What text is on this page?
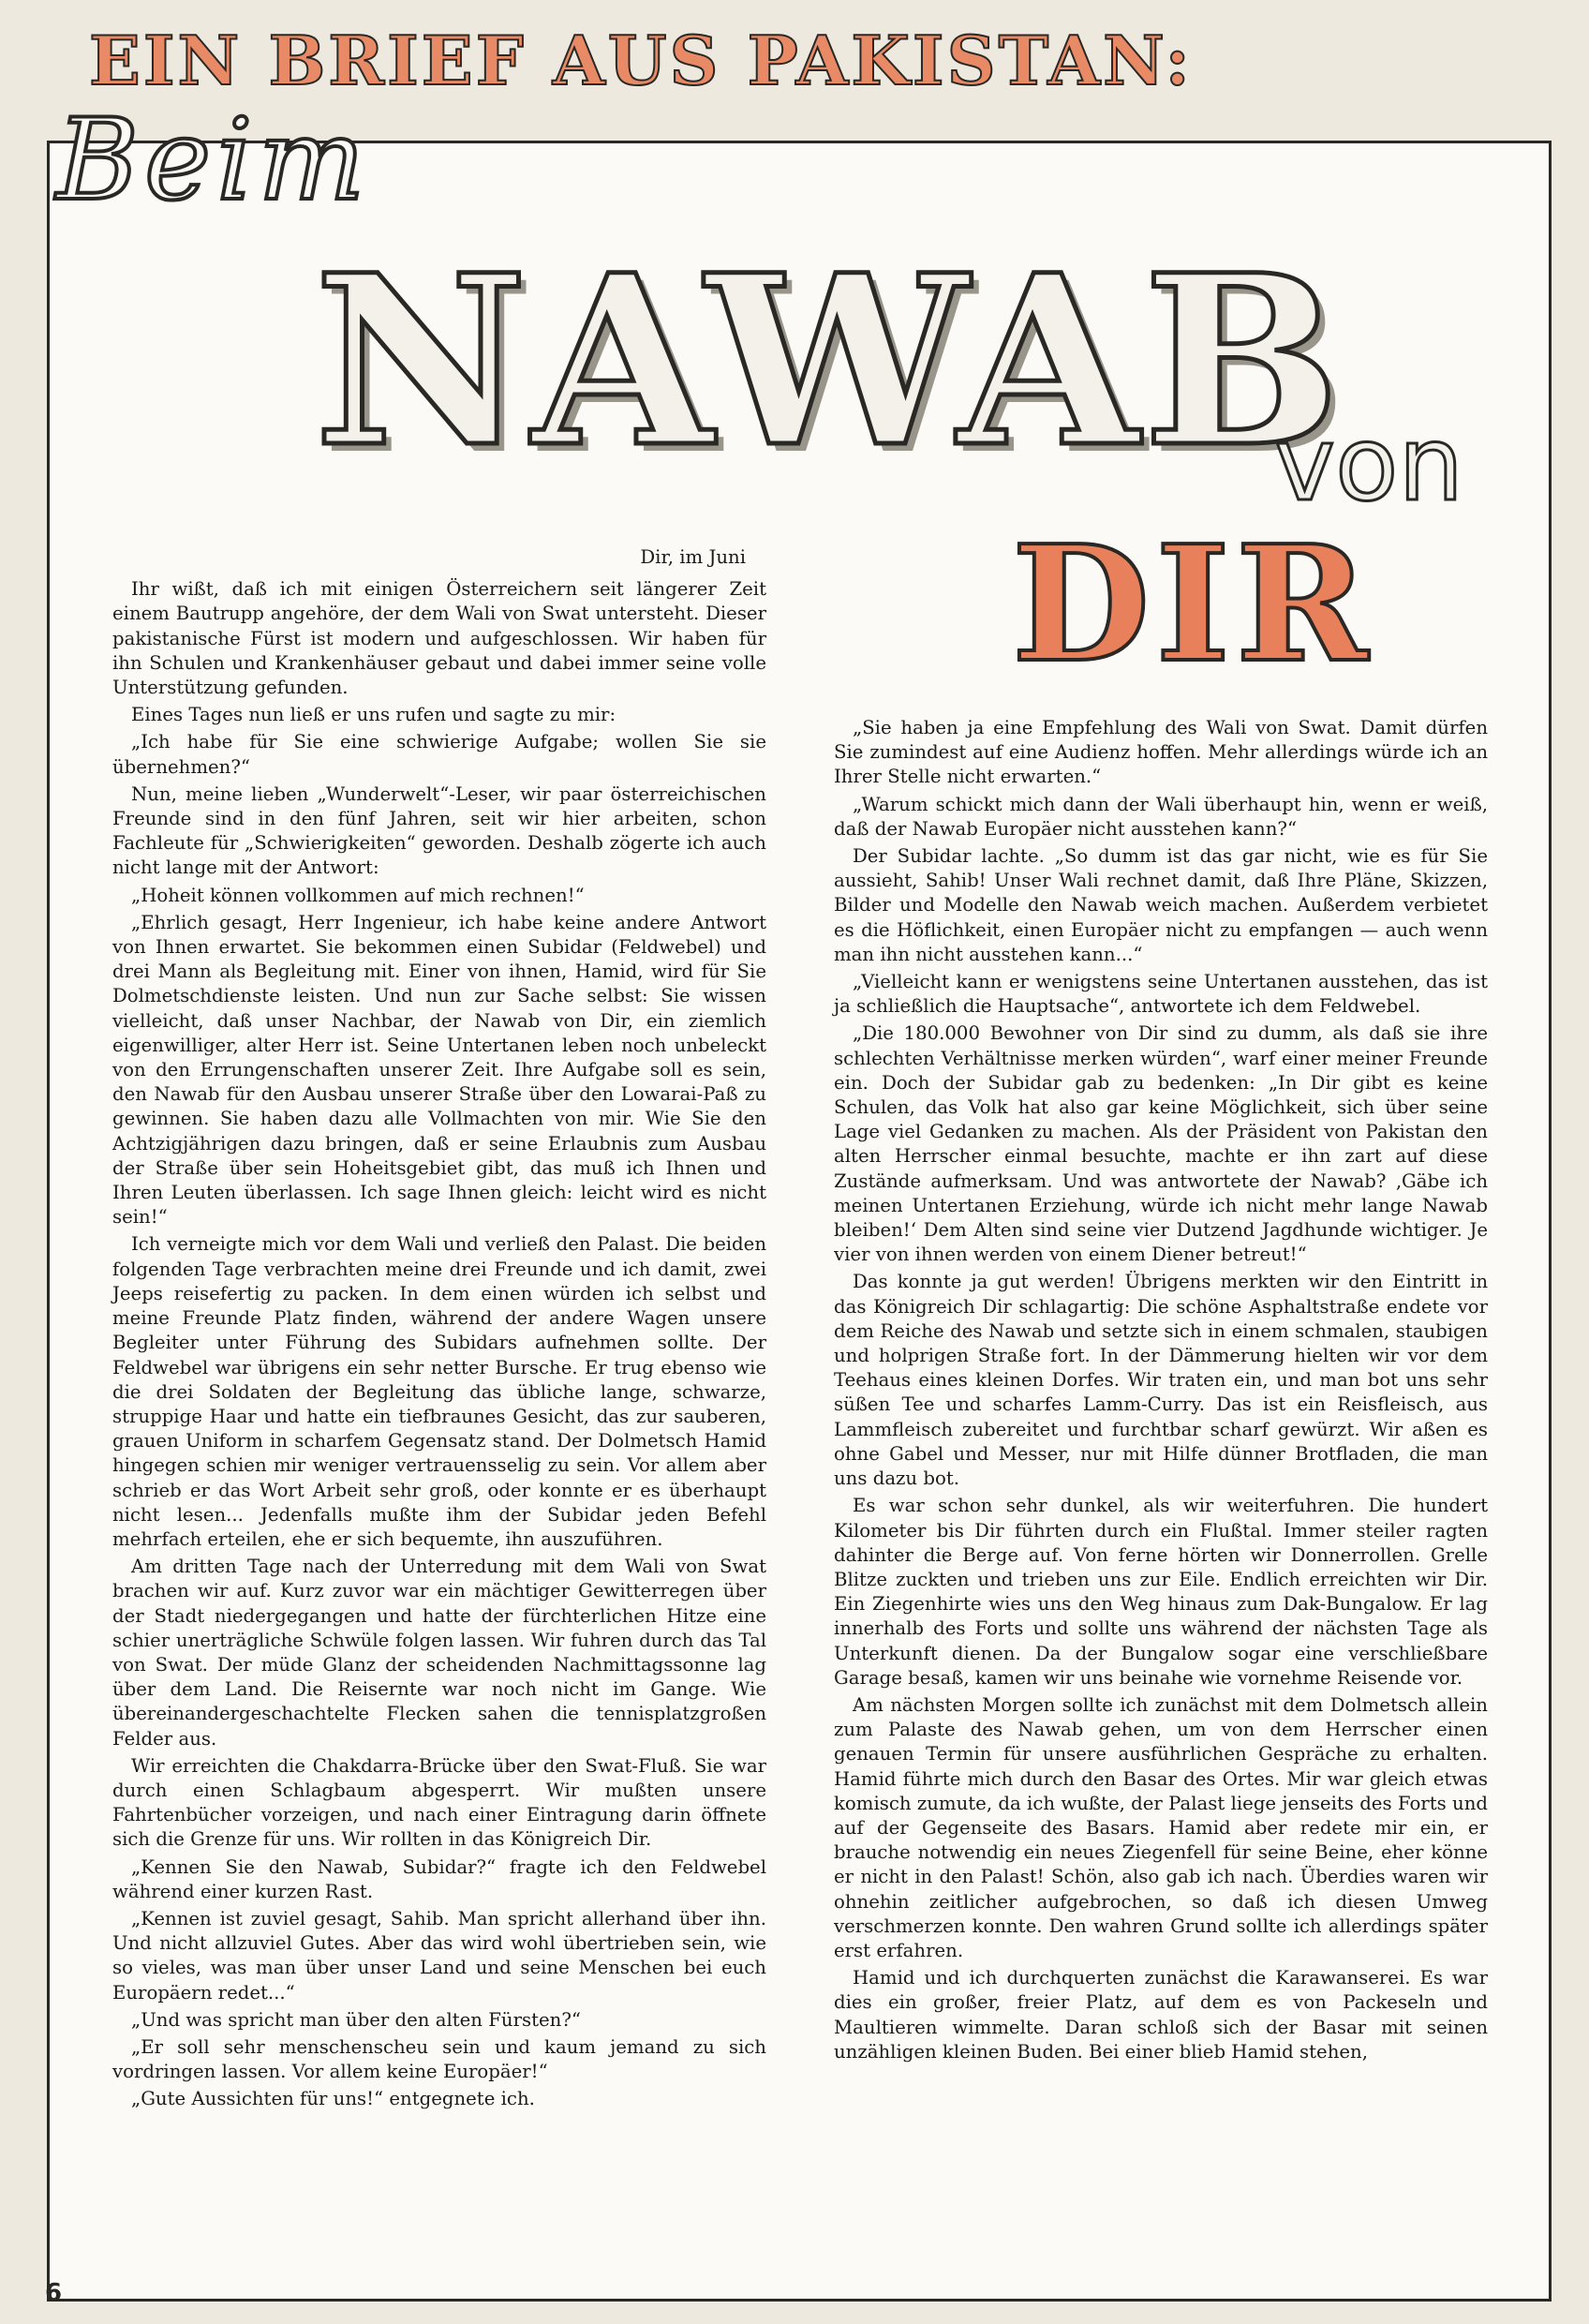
EIN BRIEF AUS PAKISTAN:
Beim
NAWAB
von
DIR
Dir, im Juni

Ihr wißt, daß ich mit einigen Österreichern seit längerer Zeit einem Bautrupp angehöre, der dem Wali von Swat untersteht. Dieser pakistanische Fürst ist modern und aufgeschlossen. Wir haben für ihn Schulen und Krankenhäuser gebaut und dabei immer seine volle Unterstützung gefunden.

Eines Tages nun ließ er uns rufen und sagte zu mir:

„Ich habe für Sie eine schwierige Aufgabe; wollen Sie sie übernehmen?“

Nun, meine lieben „Wunderwelt“-Leser, wir paar österreichischen Freunde sind in den fünf Jahren, seit wir hier arbeiten, schon Fachleute für „Schwierigkeiten“ geworden. Deshalb zögerte ich auch nicht lange mit der Antwort:

„Hoheit können vollkommen auf mich rechnen!“

„Ehrlich gesagt, Herr Ingenieur, ich habe keine andere Antwort von Ihnen erwartet. Sie bekommen einen Subidar (Feldwebel) und drei Mann als Begleitung mit. Einer von ihnen, Hamid, wird für Sie Dolmetschdienste leisten. Und nun zur Sache selbst: Sie wissen vielleicht, daß unser Nachbar, der Nawab von Dir, ein ziemlich eigenwilliger, alter Herr ist. Seine Untertanen leben noch unbeleckt von den Errungenschaften unserer Zeit. Ihre Aufgabe soll es sein, den Nawab für den Ausbau unserer Straße über den Lowarai-Paß zu gewinnen. Sie haben dazu alle Vollmachten von mir. Wie Sie den Achtzigjährigen dazu bringen, daß er seine Erlaubnis zum Ausbau der Straße über sein Hoheitsgebiet gibt, das muß ich Ihnen und Ihren Leuten überlassen. Ich sage Ihnen gleich: leicht wird es nicht sein!“

Ich verneigte mich vor dem Wali und verließ den Palast. Die beiden folgenden Tage verbrachten meine drei Freunde und ich damit, zwei Jeeps reisefertig zu packen. In dem einen würden ich selbst und meine Freunde Platz finden, während der andere Wagen unsere Begleiter unter Führung des Subidars aufnehmen sollte. Der Feldwebel war übrigens ein sehr netter Bursche. Er trug ebenso wie die drei Soldaten der Begleitung das übliche lange, schwarze, struppige Haar und hatte ein tiefbraunes Gesicht, das zur sauberen, grauen Uniform in scharfem Gegensatz stand. Der Dolmetsch Hamid hingegen schien mir weniger vertrauensselig zu sein. Vor allem aber schrieb er das Wort Arbeit sehr groß, oder konnte er es überhaupt nicht lesen... Jedenfalls mußte ihm der Subidar jeden Befehl mehrfach erteilen, ehe er sich bequemte, ihn auszuführen.

Am dritten Tage nach der Unterredung mit dem Wali von Swat brachen wir auf. Kurz zuvor war ein mächtiger Gewitterregen über der Stadt niedergegangen und hatte der fürchterlichen Hitze eine schier unerträgliche Schwüle folgen lassen. Wir fuhren durch das Tal von Swat. Der müde Glanz der scheidenden Nachmittagssonne lag über dem Land. Die Reisernte war noch nicht im Gange. Wie übereinandergeschachtelte Flecken sahen die tennisplatzgroßen Felder aus.

Wir erreichten die Chakdarra-Brücke über den Swat-Fluß. Sie war durch einen Schlagbaum abgesperrt. Wir mußten unsere Fahrtenbücher vorzeigen, und nach einer Eintragung darin öffnete sich die Grenze für uns. Wir rollten in das Königreich Dir.

„Kennen Sie den Nawab, Subidar?“ fragte ich den Feldwebel während einer kurzen Rast.

„Kennen ist zuviel gesagt, Sahib. Man spricht allerhand über ihn. Und nicht allzuviel Gutes. Aber das wird wohl übertrieben sein, wie so vieles, was man über unser Land und seine Menschen bei euch Europäern redet...“

„Und was spricht man über den alten Fürsten?“

„Er soll sehr menschenscheu sein und kaum jemand zu sich vordringen lassen. Vor allem keine Europäer!“

„Gute Aussichten für uns!“ entgegnete ich.

„Sie haben ja eine Empfehlung des Wali von Swat. Damit dürfen Sie zumindest auf eine Audienz hoffen. Mehr allerdings würde ich an Ihrer Stelle nicht erwarten.“

„Warum schickt mich dann der Wali überhaupt hin, wenn er weiß, daß der Nawab Europäer nicht ausstehen kann?“

Der Subidar lachte. „So dumm ist das gar nicht, wie es für Sie aussieht, Sahib! Unser Wali rechnet damit, daß Ihre Pläne, Skizzen, Bilder und Modelle den Nawab weich machen. Außerdem verbietet es die Höflichkeit, einen Europäer nicht zu empfangen — auch wenn man ihn nicht ausstehen kann...“

„Vielleicht kann er wenigstens seine Untertanen ausstehen, das ist ja schließlich die Hauptsache“, antwortete ich dem Feldwebel.

„Die 180.000 Bewohner von Dir sind zu dumm, als daß sie ihre schlechten Verhältnisse merken würden“, warf einer meiner Freunde ein. Doch der Subidar gab zu bedenken: „In Dir gibt es keine Schulen, das Volk hat also gar keine Möglichkeit, sich über seine Lage viel Gedanken zu machen. Als der Präsident von Pakistan den alten Herrscher einmal besuchte, machte er ihn zart auf diese Zustände aufmerksam. Und was antwortete der Nawab? ‚Gäbe ich meinen Untertanen Erziehung, würde ich nicht mehr lange Nawab bleiben!‘ Dem Alten sind seine vier Dutzend Jagdhunde wichtiger. Je vier von ihnen werden von einem Diener betreut!“

Das konnte ja gut werden! Übrigens merkten wir den Eintritt in das Königreich Dir schlagartig: Die schöne Asphaltstraße endete vor dem Reiche des Nawab und setzte sich in einem schmalen, staubigen und holprigen Straße fort. In der Dämmerung hielten wir vor dem Teehaus eines kleinen Dorfes. Wir traten ein, und man bot uns sehr süßen Tee und scharfes Lamm-Curry. Das ist ein Reisfleisch, aus Lammfleisch zubereitet und furchtbar scharf gewürzt. Wir aßen es ohne Gabel und Messer, nur mit Hilfe dünner Brotfladen, die man uns dazu bot.

Es war schon sehr dunkel, als wir weiterfuhren. Die hundert Kilometer bis Dir führten durch ein Flußtal. Immer steiler ragten dahinter die Berge auf. Von ferne hörten wir Donnerrollen. Grelle Blitze zuckten und trieben uns zur Eile. Endlich erreichten wir Dir. Ein Ziegenhirte wies uns den Weg hinaus zum Dak-Bungalow. Er lag innerhalb des Forts und sollte uns während der nächsten Tage als Unterkunft dienen. Da der Bungalow sogar eine verschließbare Garage besaß, kamen wir uns beinahe wie vornehme Reisende vor.

Am nächsten Morgen sollte ich zunächst mit dem Dolmetsch allein zum Palaste des Nawab gehen, um von dem Herrscher einen genauen Termin für unsere ausführlichen Gespräche zu erhalten. Hamid führte mich durch den Basar des Ortes. Mir war gleich etwas komisch zumute, da ich wußte, der Palast liege jenseits des Forts und auf der Gegenseite des Basars. Hamid aber redete mir ein, er brauche notwendig ein neues Ziegenfell für seine Beine, eher könne er nicht in den Palast! Schön, also gab ich nach. Überdies waren wir ohnehin zeitlicher aufgebrochen, so daß ich diesen Umweg verschmerzen konnte. Den wahren Grund sollte ich allerdings später erst erfahren.

Hamid und ich durchquerten zunächst die Karawanserei. Es war dies ein großer, freier Platz, auf dem es von Packeseln und Maultieren wimmelte. Daran schloß sich der Basar mit seinen unzähligen kleinen Buden. Bei einer blieb Hamid stehen,

6
